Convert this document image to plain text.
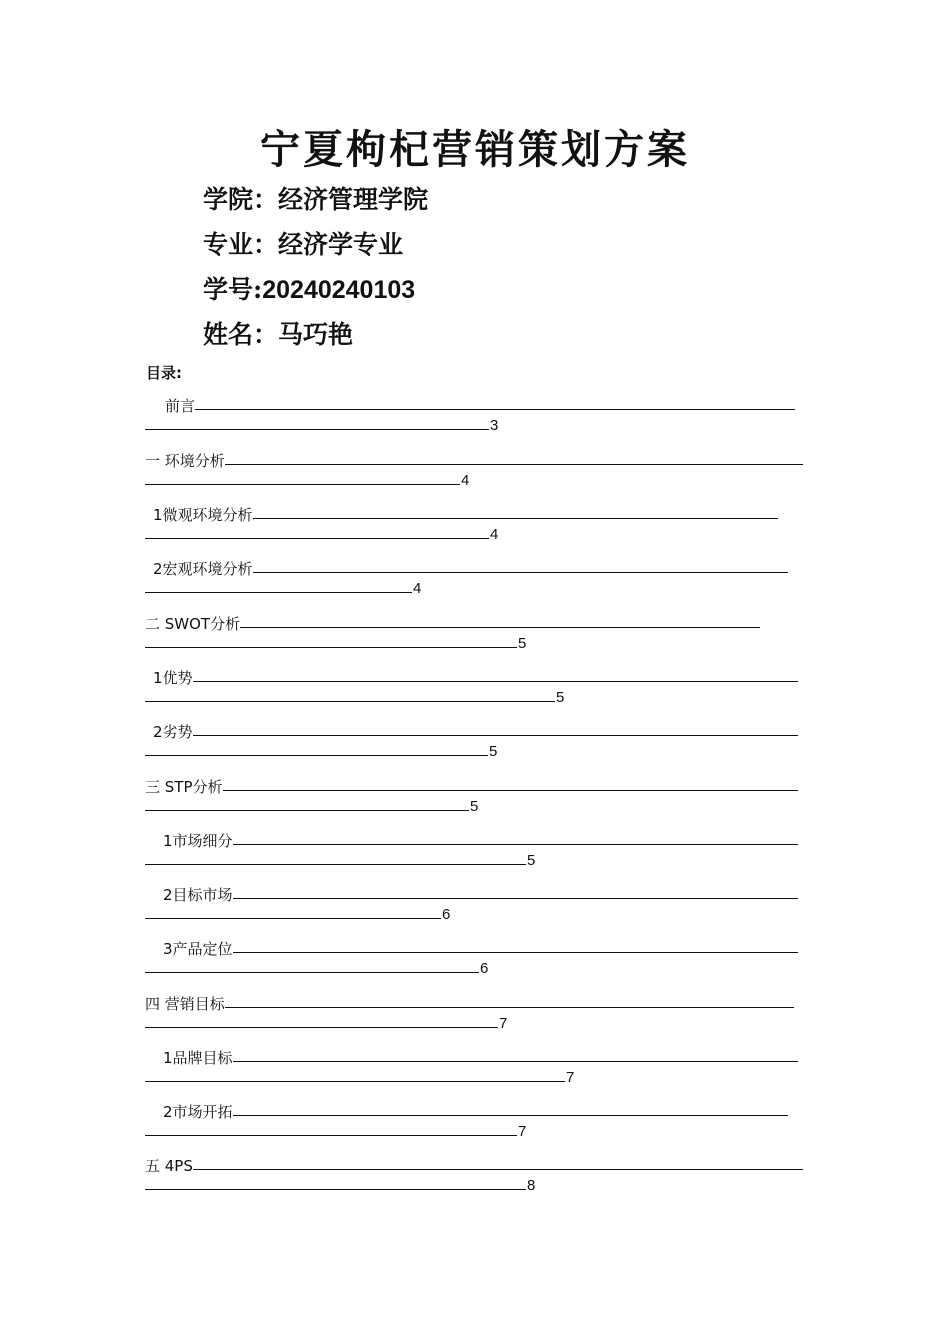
宁夏枸杞营销策划方案
学院：经济管理学院
专业：经济学专业
学号:20240240103
姓名：马巧艳
目录:
前言
3
一 环境分析
4
1微观环境分析
4
2宏观环境分析
4
二 SWOT分析
5
1优势
5
2劣势
5
三 STP分析
5
1市场细分
5
2目标市场
6
3产品定位
6
四 营销目标
7
1品牌目标
7
2市场开拓
7
五 4PS
8
